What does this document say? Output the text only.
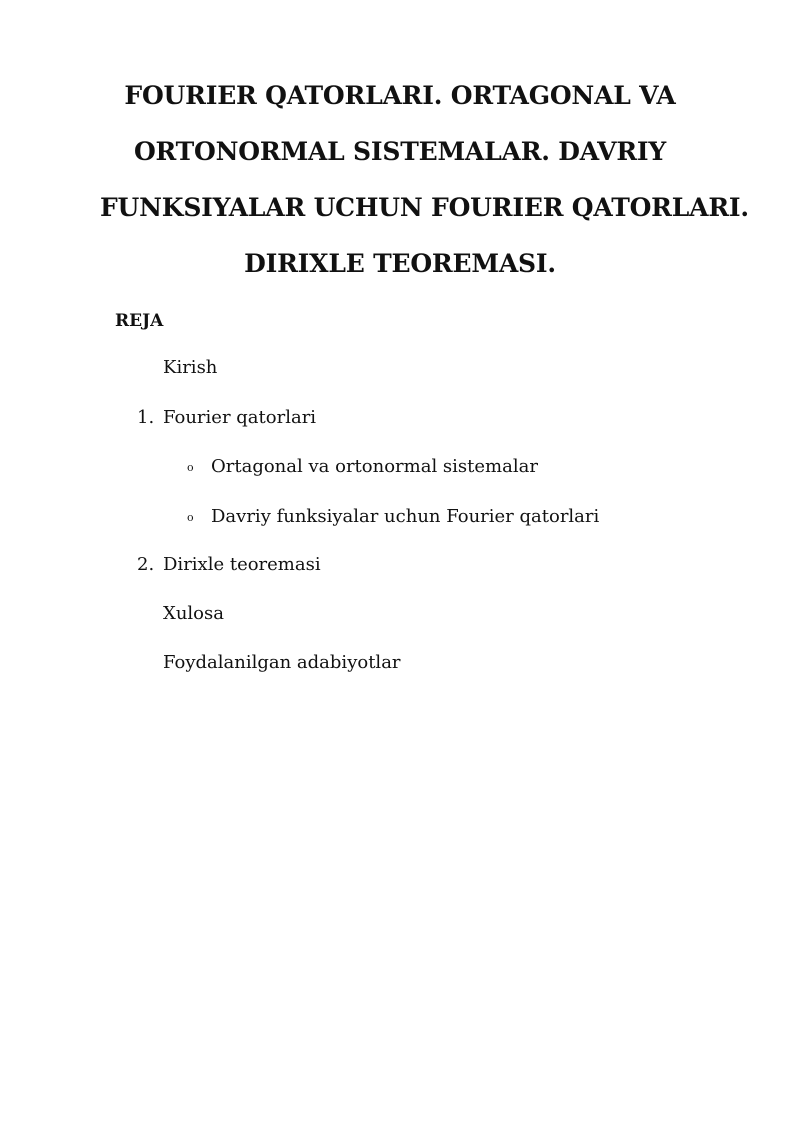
FOURIER QATORLARI. ORTAGONAL VA
ORTONORMAL SISTEMALAR. DAVRIY
FUNKSIYALAR UCHUN FOURIER QATORLARI.
DIRIXLE TEOREMASI.

REJA

Kirish

1. Fourier qatorlari

o Ortagonal va ortonormal sistemalar

o Davriy funksiyalar uchun Fourier qatorlari

2. Dirixle teoremasi

Xulosa

Foydalanilgan adabiyotlar
